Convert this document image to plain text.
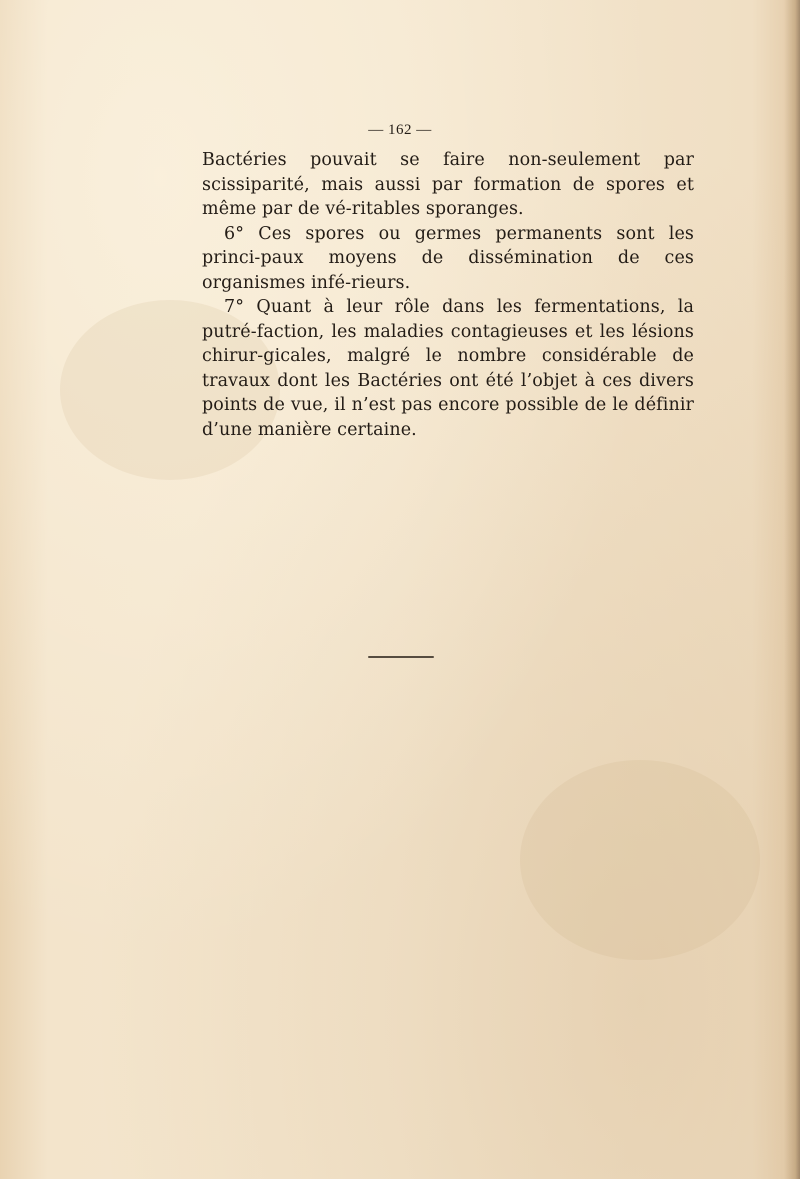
— 162 —

Bactéries pouvait se faire non-seulement par scissiparité, mais aussi par formation de spores et même par de vé-ritables sporanges.

6° Ces spores ou germes permanents sont les princi-paux moyens de dissémination de ces organismes infé-rieurs.

7° Quant à leur rôle dans les fermentations, la putré-faction, les maladies contagieuses et les lésions chirur-gicales, malgré le nombre considérable de travaux dont les Bactéries ont été l’objet à ces divers points de vue, il n’est pas encore possible de le définir d’une manière certaine.
